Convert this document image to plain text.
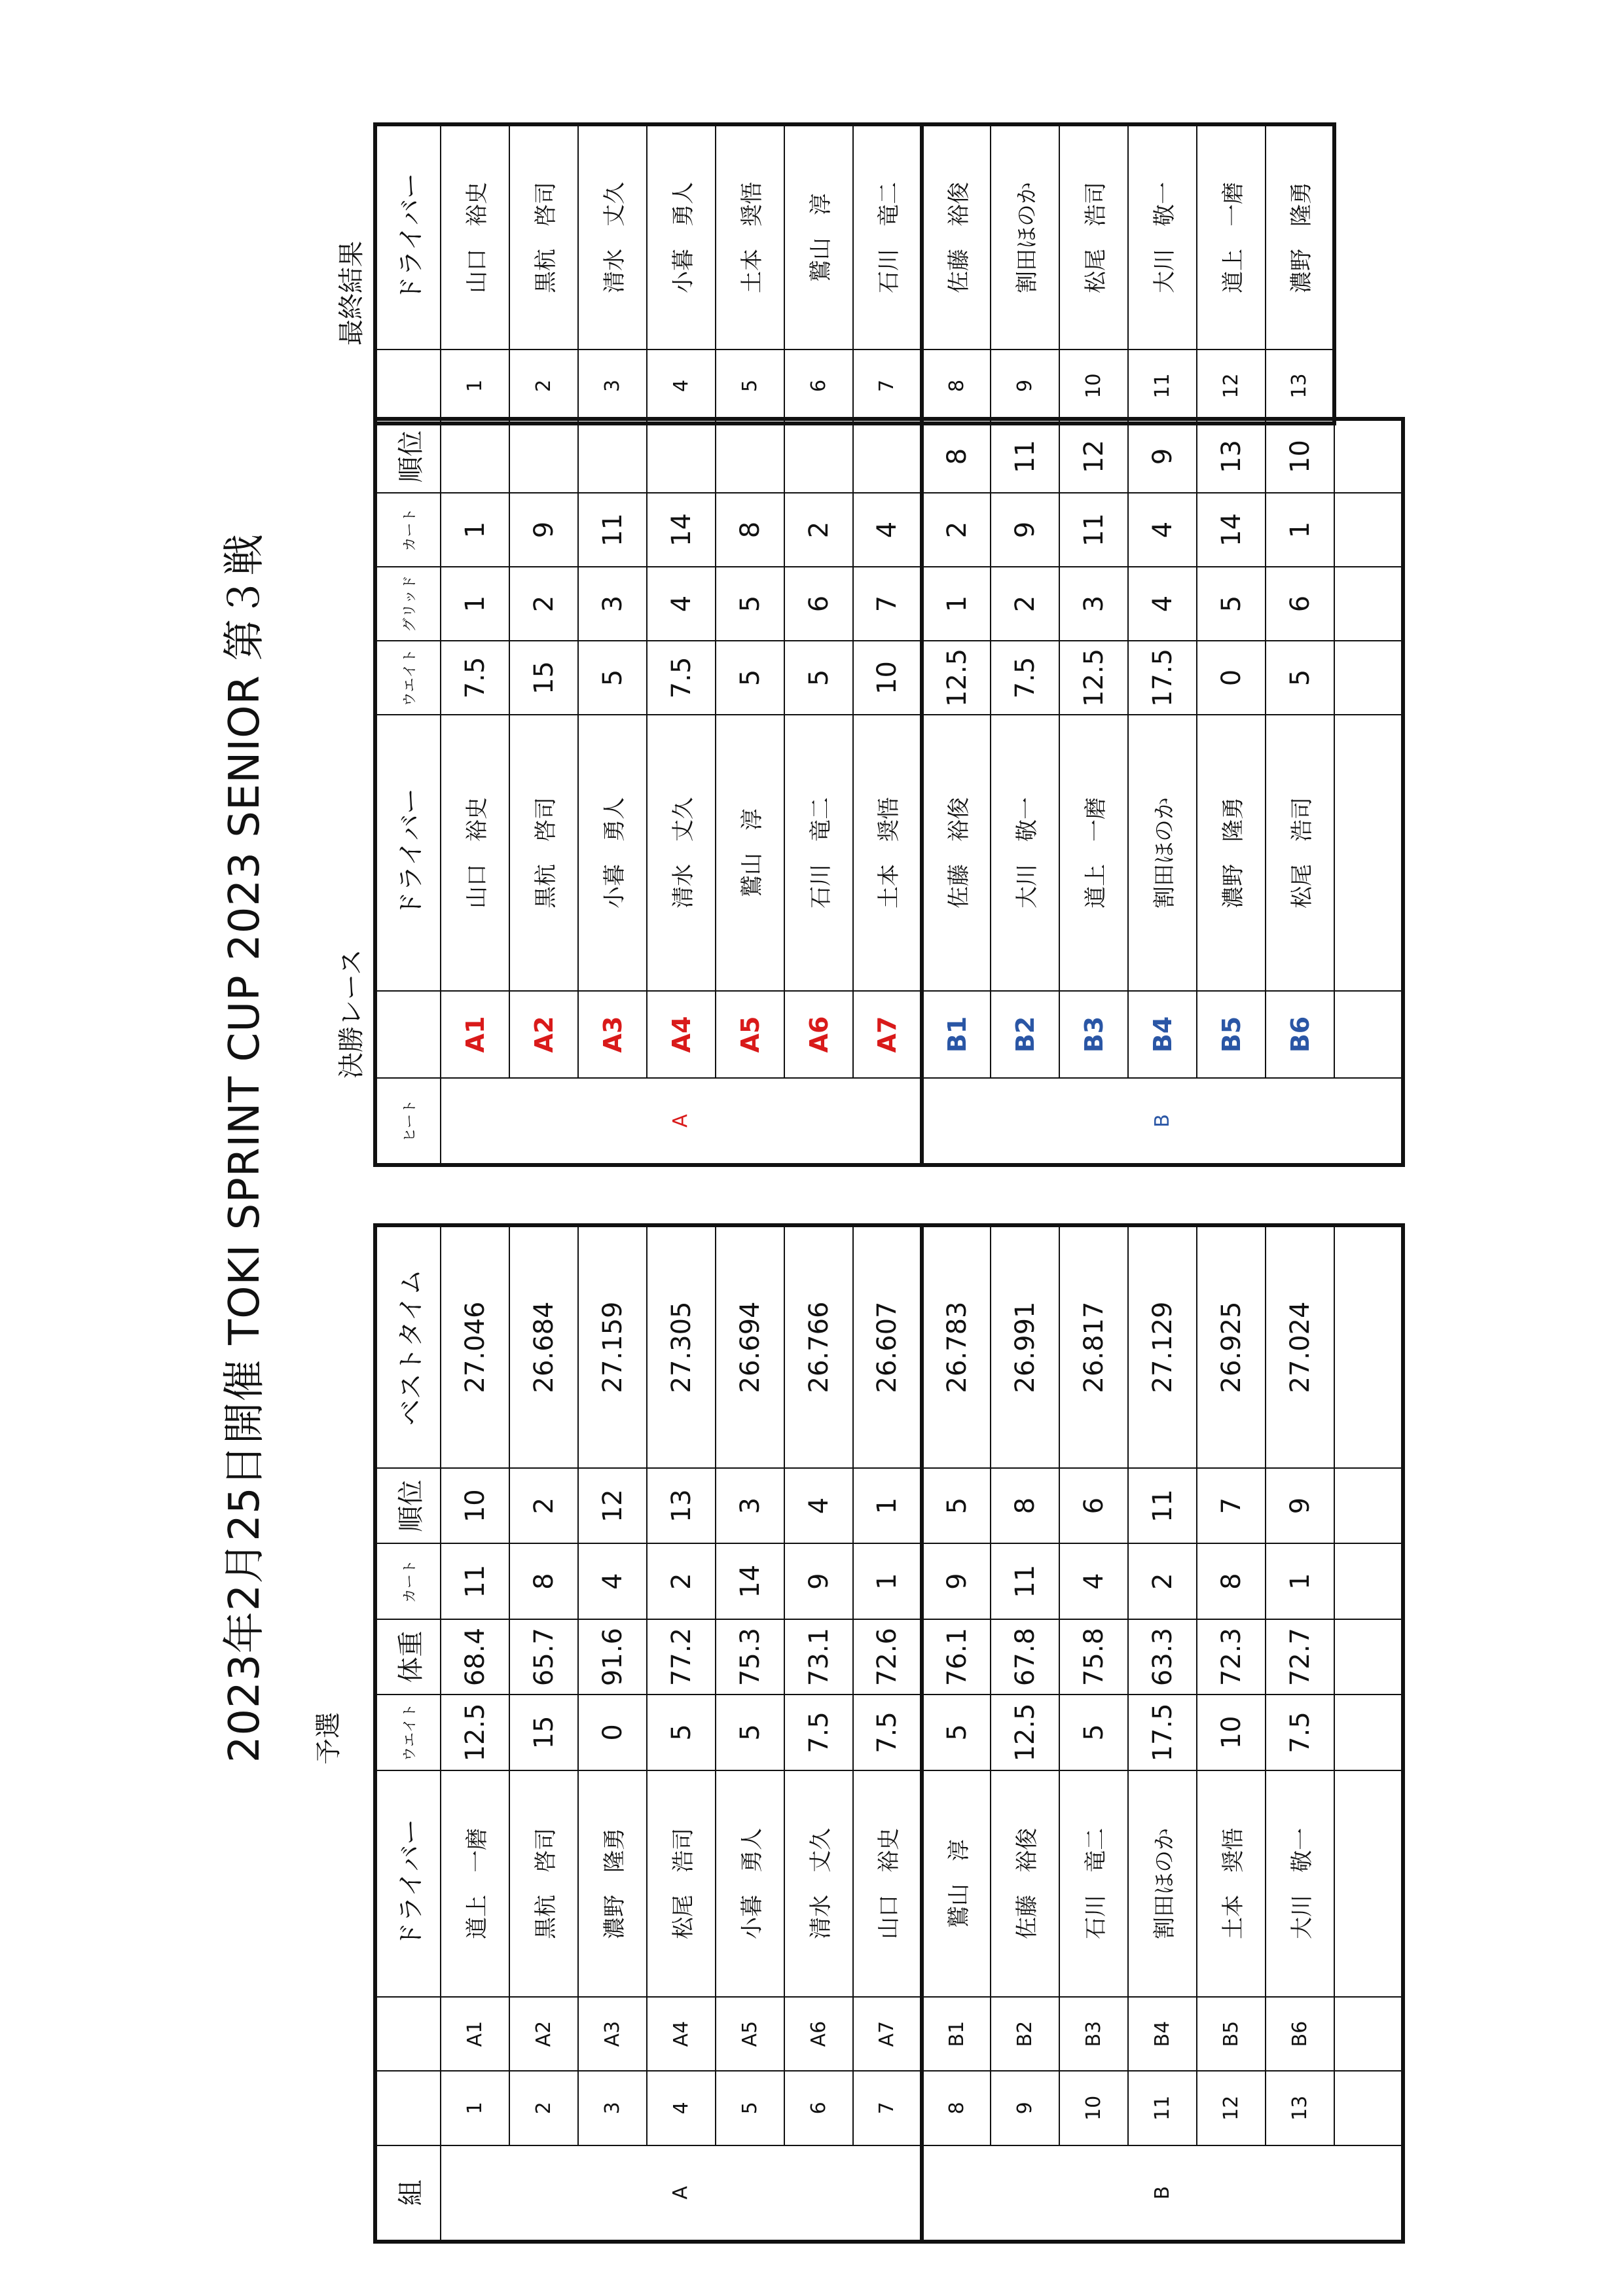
2023年2月25日開催 TOKI SPRINT CUP 2023 SENIOR 第３戦 予選
組			ドライバー	ウエイト	体重	カート	順位	ベストタイム
A	1	A1	道上　一磨	12.5	68.4	11	10	27.046
	2	A2	黒杭　啓司	15	65.7	8	2	26.684
	3	A3	濃野　隆勇	0	91.6	4	12	27.159
	4	A4	松尾　浩司	5	77.2	2	13	27.305
	5	A5	小暮　勇人	5	75.3	14	3	26.694
	6	A6	清水　丈久	7.5	73.1	9	4	26.766
	7	A7	山口　裕史	7.5	72.6	1	1	26.607
B	8	B1	鷲山　淳	5	76.1	9	5	26.783
	9	B2	佐藤　裕俊	12.5	67.8	11	8	26.991
	10	B3	石川　竜二	5	75.8	4	6	26.817
	11	B4	割田ほのか	17.5	63.3	2	11	27.129
	12	B5	土本　奨悟	10	72.3	8	7	26.925
	13	B6	大川　敬一	7.5	72.7	1	9	27.024

決勝レース
ヒート		ドライバー	ウエイト	グリッド	カート	順位
A	A1	山口　裕史	7.5	1	1	
	A2	黒杭　啓司	15	2	9	
	A3	小暮　勇人	5	3	11	
	A4	清水　丈久	7.5	4	14	
	A5	鷲山　淳	5	5	8	
	A6	石川　竜二	5	6	2	
	A7	土本　奨悟	10	7	4	
B	B1	佐藤　裕俊	12.5	1	2	8
	B2	大川　敬一	7.5	2	9	11
	B3	道上　一磨	12.5	3	11	12
	B4	割田ほのか	17.5	4	4	9
	B5	濃野　隆勇	0	5	14	13
	B6	松尾　浩司	5	6	1	10

最終結果
	ドライバー
1	山口　裕史
2	黒杭　啓司
3	清水　丈久
4	小暮　勇人
5	土本　奨悟
6	鷲山　淳
7	石川　竜二
8	佐藤　裕俊
9	割田ほのか
10	松尾　浩司
11	大川　敬一
12	道上　一磨
13	濃野　隆勇
